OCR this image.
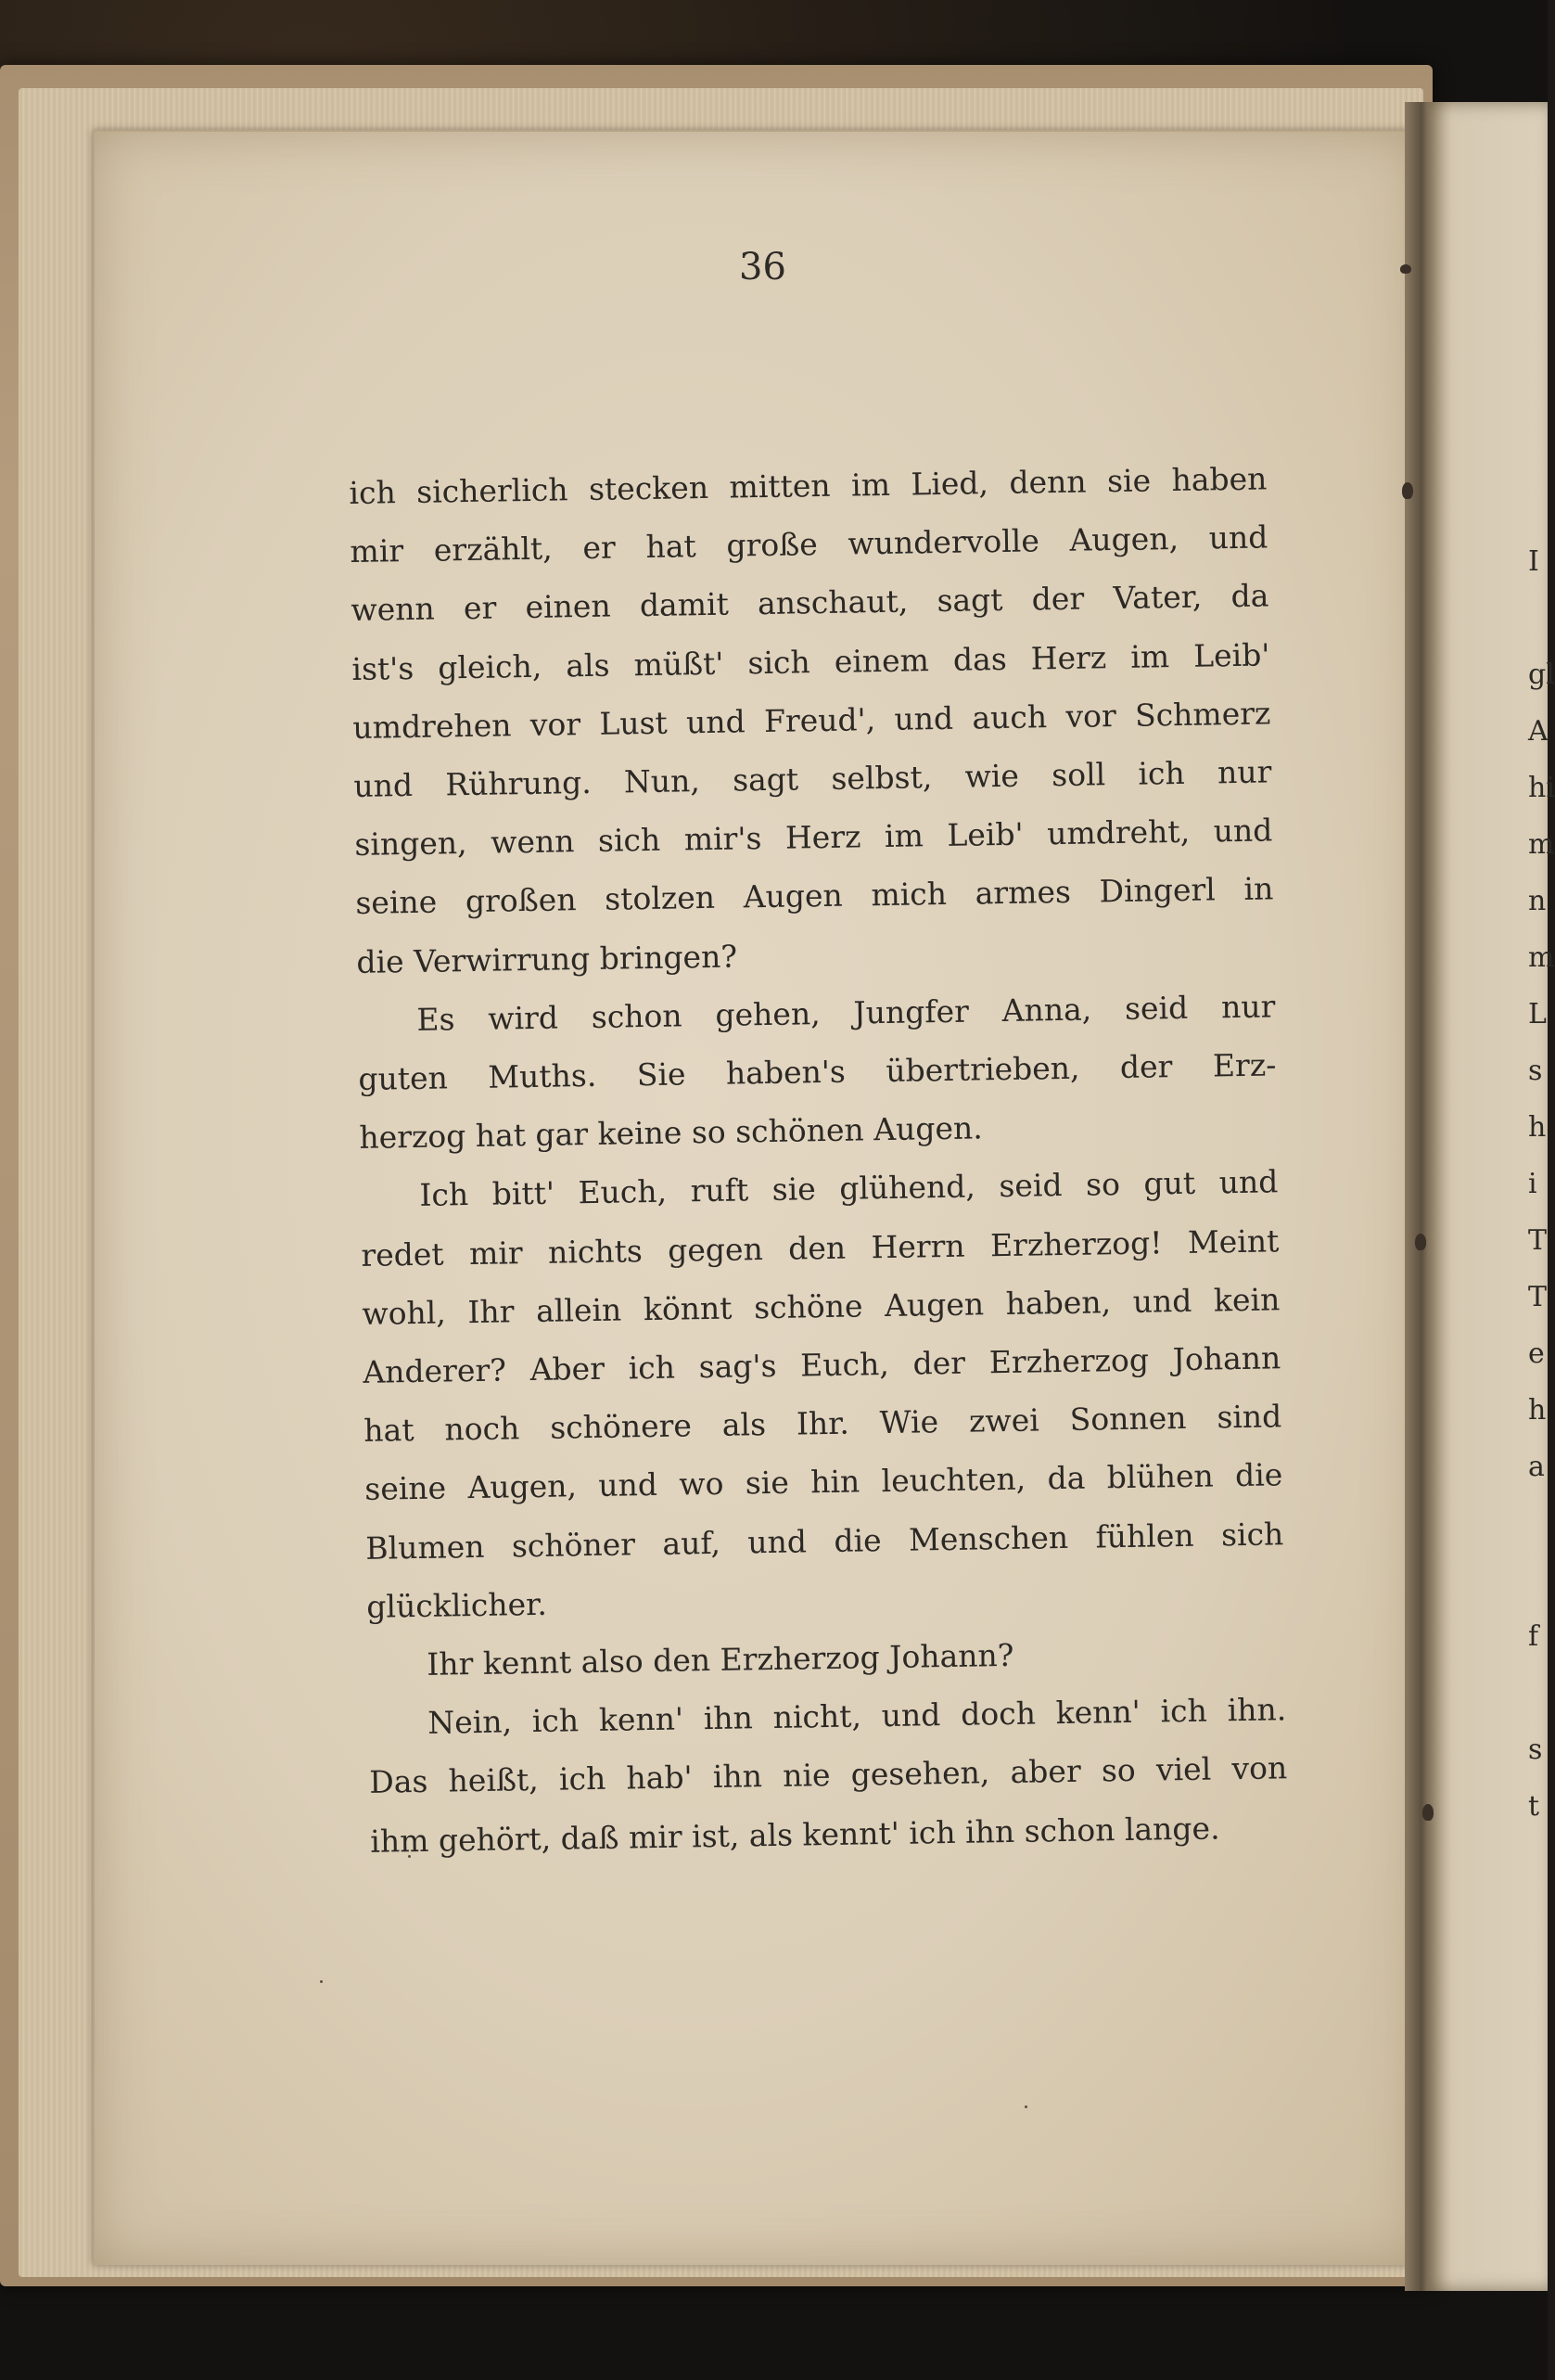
36

ich sicherlich stecken mitten im Lied, denn sie haben
mir erzählt, er hat große wundervolle Augen, und
wenn er einen damit anschaut, sagt der Vater, da
ist's gleich, als müßt' sich einem das Herz im Leib'
umdrehen vor Lust und Freud', und auch vor Schmerz
und Rührung. Nun, sagt selbst, wie soll ich nur
singen, wenn sich mir's Herz im Leib' umdreht, und
seine großen stolzen Augen mich armes Dingerl in
die Verwirrung bringen?

Es wird schon gehen, Jungfer Anna, seid nur
guten Muths. Sie haben's übertrieben, der Erz-
herzog hat gar keine so schönen Augen.

Ich bitt' Euch, ruft sie glühend, seid so gut und
redet mir nichts gegen den Herrn Erzherzog! Meint
wohl, Ihr allein könnt schöne Augen haben, und kein
Anderer? Aber ich sag's Euch, der Erzherzog Johann
hat noch schönere als Ihr. Wie zwei Sonnen sind
seine Augen, und wo sie hin leuchten, da blühen die
Blumen schöner auf, und die Menschen fühlen sich
glücklicher.

Ihr kennt also den Erzherzog Johann?

Nein, ich kenn' ihn nicht, und doch kenn' ich ihn.
Das heißt, ich hab' ihn nie gesehen, aber so viel von
ihm gehört, daß mir ist, als kennt' ich ihn schon lange.

I
gl
A
hi
m
n
m
L
s
h
i
T
T
e
h
a
f
s
t
